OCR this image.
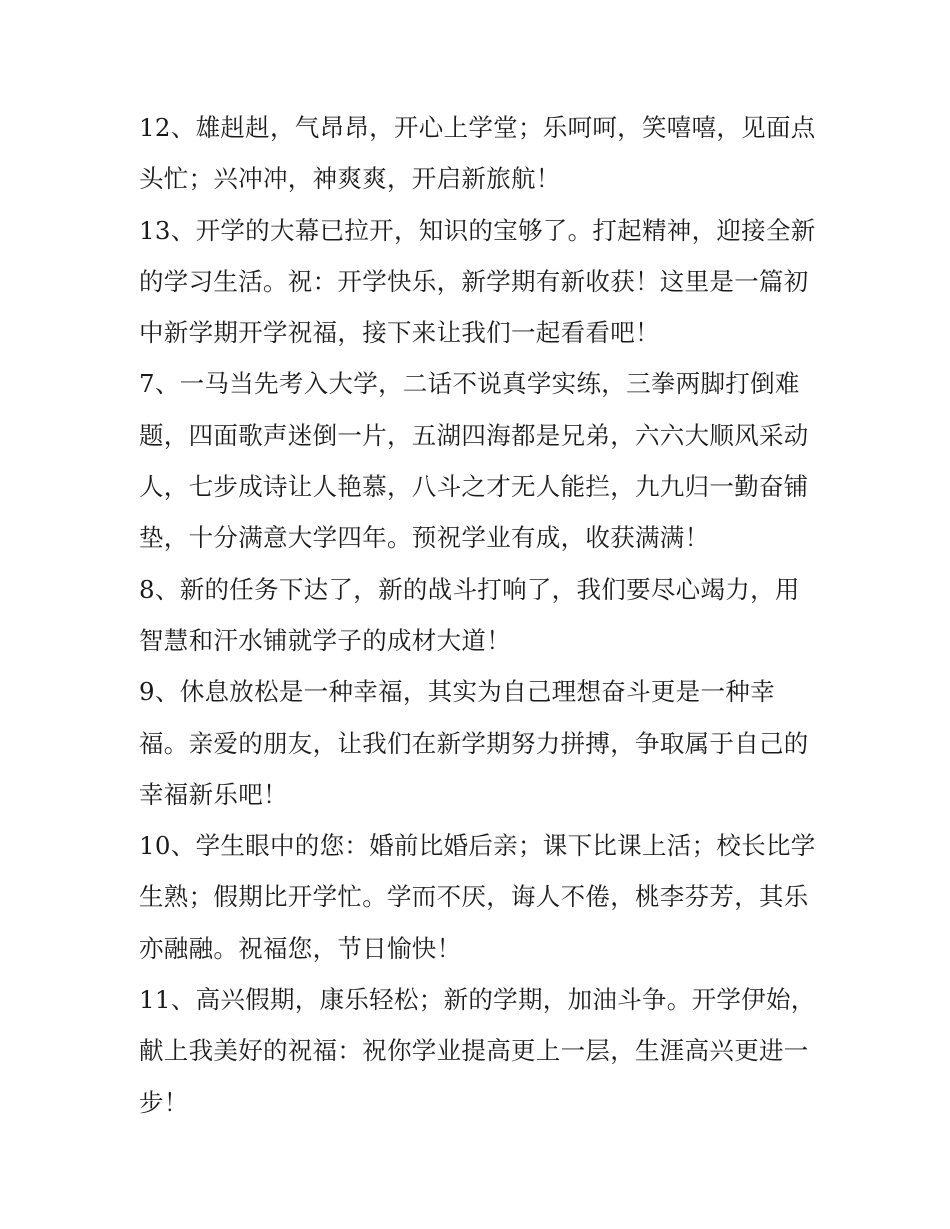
12、雄赳赳，气昂昂，开心上学堂；乐呵呵，笑嘻嘻，见面点
头忙；兴冲冲，神爽爽，开启新旅航！
13、开学的大幕已拉开，知识的宝够了。打起精神，迎接全新
的学习生活。祝：开学快乐，新学期有新收获！这里是一篇初
中新学期开学祝福，接下来让我们一起看看吧！
7、一马当先考入大学，二话不说真学实练，三拳两脚打倒难
题，四面歌声迷倒一片，五湖四海都是兄弟，六六大顺风采动
人，七步成诗让人艳慕，八斗之才无人能拦，九九归一勤奋铺
垫，十分满意大学四年。预祝学业有成，收获满满！
8、新的任务下达了，新的战斗打响了，我们要尽心竭力，用
智慧和汗水铺就学子的成材大道！
9、休息放松是一种幸福，其实为自己理想奋斗更是一种幸
福。亲爱的朋友，让我们在新学期努力拼搏，争取属于自己的
幸福新乐吧！
10、学生眼中的您：婚前比婚后亲；课下比课上活；校长比学
生熟；假期比开学忙。学而不厌，诲人不倦，桃李芬芳，其乐
亦融融。祝福您，节日愉快！
11、高兴假期，康乐轻松；新的学期，加油斗争。开学伊始，
献上我美好的祝福：祝你学业提高更上一层，生涯高兴更进一
步！
